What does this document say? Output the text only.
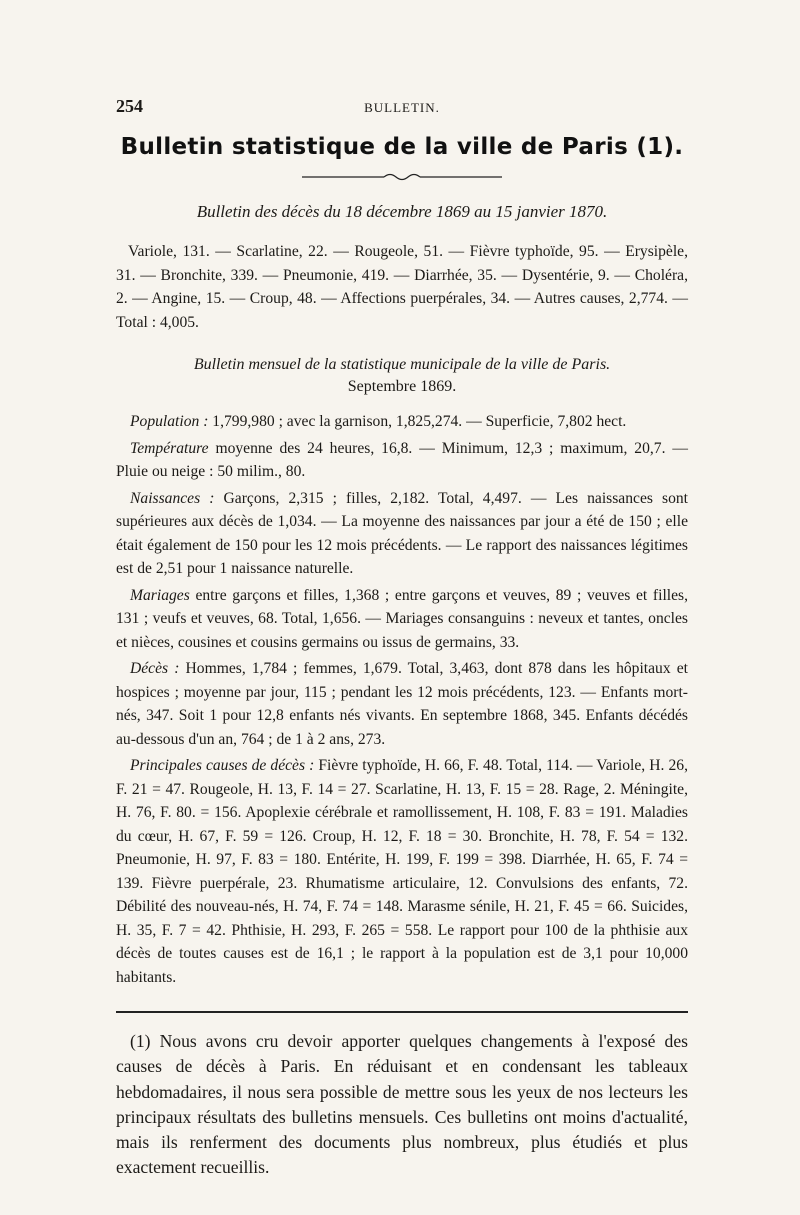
254	BULLETIN.
Bulletin statistique de la ville de Paris (1).
Bulletin des décès du 18 décembre 1869 au 15 janvier 1870.

Variole, 131. — Scarlatine, 22. — Rougeole, 51. — Fièvre typhoïde, 95. — Erysipèle, 31. — Bronchite, 339. — Pneumonie, 419. — Diarrhée, 35. — Dysentérie, 9. — Choléra, 2. — Angine, 15. — Croup, 48. — Affections puerpérales, 34. — Autres causes, 2,774. — Total : 4,005.

Bulletin mensuel de la statistique municipale de la ville de Paris.
Septembre 1869.

Population : 1,799,980 ; avec la garnison, 1,825,274. — Superficie, 7,802 hect.

Température moyenne des 24 heures, 16,8. — Minimum, 12,3 ; maximum, 20,7. — Pluie ou neige : 50 milim., 80.

Naissances : Garçons, 2,315 ; filles, 2,182. Total, 4,497. — Les naissances sont supérieures aux décès de 1,034. — La moyenne des naissances par jour a été de 150 ; elle était également de 150 pour les 12 mois précédents. — Le rapport des naissances légitimes est de 2,51 pour 1 naissance naturelle.

Mariages entre garçons et filles, 1,368 ; entre garçons et veuves, 89 ; veuves et filles, 131 ; veufs et veuves, 68. Total, 1,656. — Mariages consanguins : neveux et tantes, oncles et nièces, cousines et cousins germains ou issus de germains, 33.

Décès : Hommes, 1,784 ; femmes, 1,679. Total, 3,463, dont 878 dans les hôpitaux et hospices ; moyenne par jour, 115 ; pendant les 12 mois précédents, 123. — Enfants mort-nés, 347. Soit 1 pour 12,8 enfants nés vivants. En septembre 1868, 345. Enfants décédés au-dessous d'un an, 764 ; de 1 à 2 ans, 273.

Principales causes de décès : Fièvre typhoïde, H. 66, F. 48. Total, 114. — Variole, H. 26, F. 21 = 47. Rougeole, H. 13, F. 14 = 27. Scarlatine, H. 13, F. 15 = 28. Rage, 2. Méningite, H. 76, F. 80. = 156. Apoplexie cérébrale et ramollissement, H. 108, F. 83 = 191. Maladies du cœur, H. 67, F. 59 = 126. Croup, H. 12, F. 18 = 30. Bronchite, H. 78, F. 54 = 132. Pneumonie, H. 97, F. 83 = 180. Entérite, H. 199, F. 199 = 398. Diarrhée, H. 65, F. 74 = 139. Fièvre puerpérale, 23. Rhumatisme articulaire, 12. Convulsions des enfants, 72. Débilité des nouveau-nés, H. 74, F. 74 = 148. Marasme sénile, H. 21, F. 45 = 66. Suicides, H. 35, F. 7 = 42. Phthisie, H. 293, F. 265 = 558. Le rapport pour 100 de la phthisie aux décès de toutes causes est de 16,1 ; le rapport à la population est de 3,1 pour 10,000 habitants.

(1) Nous avons cru devoir apporter quelques changements à l'exposé des causes de décès à Paris. En réduisant et en condensant les tableaux hebdomadaires, il nous sera possible de mettre sous les yeux de nos lecteurs les principaux résultats des bulletins mensuels. Ces bulletins ont moins d'actualité, mais ils renferment des documents plus nombreux, plus étudiés et plus exactement recueillis.
